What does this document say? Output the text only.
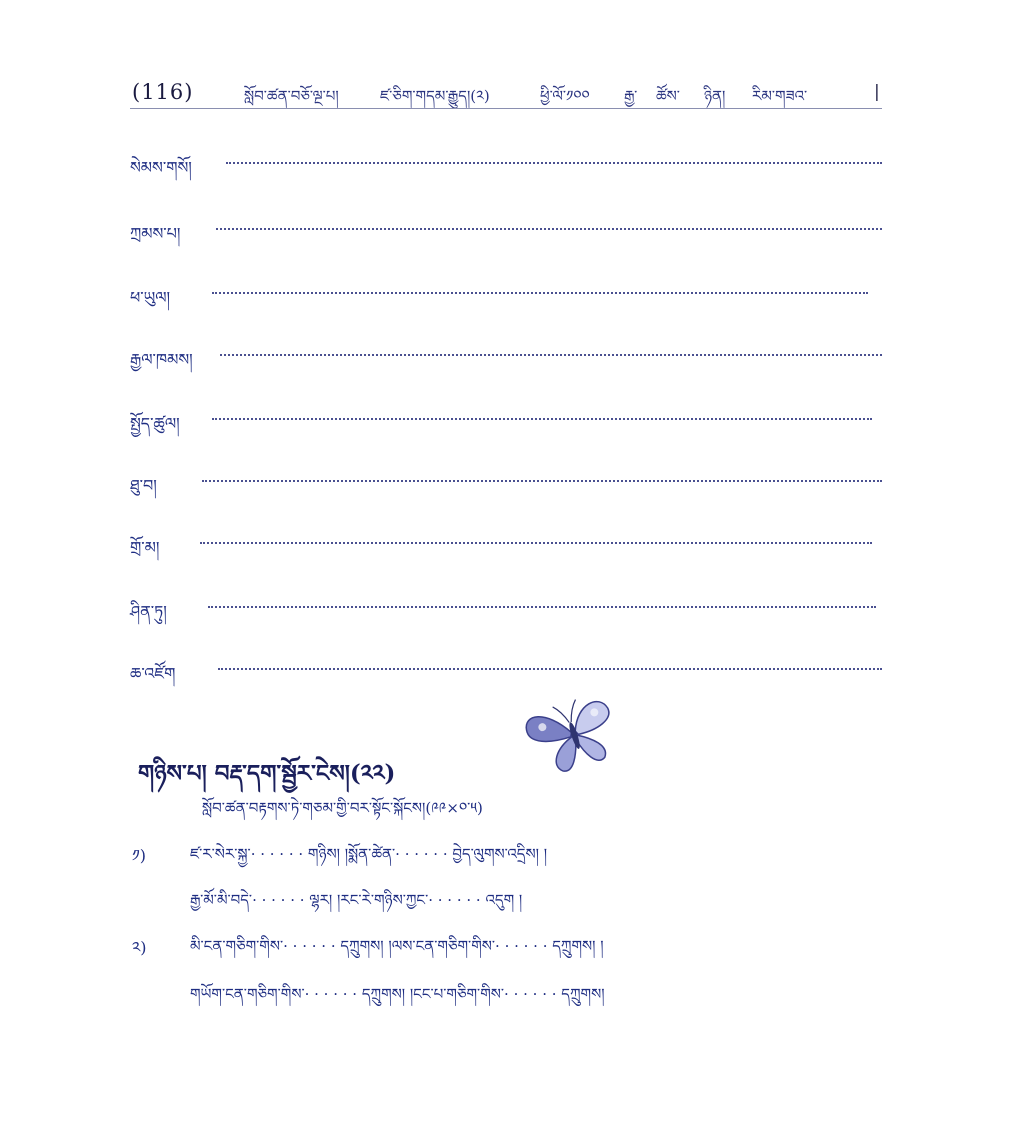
(116)	སློབ་ཚན་བཅོ་ལྔ་པ།	ཛ་ཅིག་གདམ་རྒྱུད།(༢)	ཕྱི་ལོ་༡༠༠ རྒྱ་ ཚོས་ ཉིན། རིམ་གཟའ་	|
སེམས་གསོ།
ཀྲམས་པ།
ཕ་ཡུལ།
རྒྱལ་ཁམས།
སྤྱོད་ཚུལ།
ཐུ་བ།
གྲོ་མ།
ཤིན་ཏུ།
ཆ་འཛོག
གཉིས་པ། བརྡ་དག་སྦྱོར་ངེས།(༢༢)
སློབ་ཚན་བརྟགས་ཏེ་གཅམ་གྱི་བར་སྟོང་སྐོངས།(༩༩×༠་༥)
༡)	ཛ་ར་སེར་སྐྱ་· · · · · · གཉིས། །སྨོན་ཚེན་· · · · · · བྱེད་ལུགས་འདྲིས། །
རྒྱ་མོ་མི་བདེ་· · · · · · ལྷར། །རང་རེ་གཉིས་ཀྱང་· · · · · · འདུག །
༢)	མི་ངན་གཅིག་གིས་· · · · · · དཀྲུགས། །ལས་ངན་གཅིག་གིས་· · · · · · དཀྲུགས། །
གཡོག་ངན་གཅིག་གིས་· · · · · · དཀྲུགས། །ངང་པ་གཅིག་གིས་· · · · · · དཀྲུགས།
